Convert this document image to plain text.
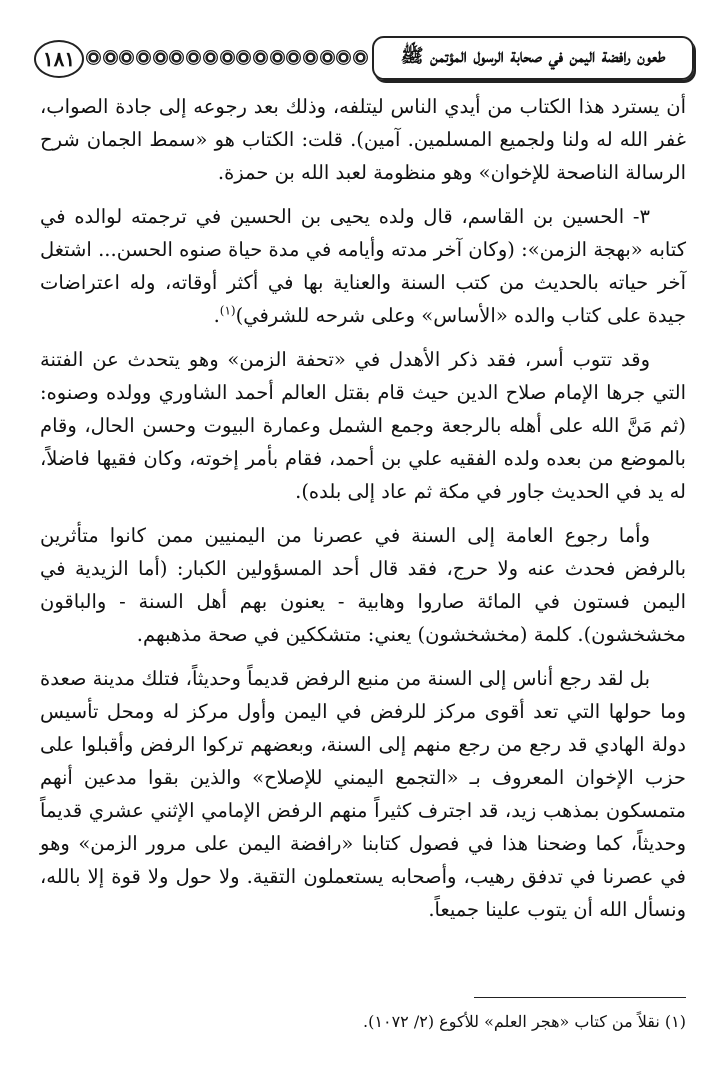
١٨١	طعون رافضة اليمن في صحابة الرسول المؤتمن ﷺ

أن يسترد هذا الكتاب من أيدي الناس ليتلفه، وذلك بعد رجوعه إلى جادة الصواب، غفر الله له ولنا ولجميع المسلمين. آمين). قلت: الكتاب هو «سمط الجمان شرح الرسالة الناصحة للإخوان» وهو منظومة لعبد الله بن حمزة.

٣- الحسين بن القاسم، قال ولده يحيى بن الحسين في ترجمته لوالده في كتابه «بهجة الزمن»: (وكان آخر مدته وأيامه في مدة حياة صنوه الحسن... اشتغل آخر حياته بالحديث من كتب السنة والعناية بها في أكثر أوقاته، وله اعتراضات جيدة على كتاب والده «الأساس» وعلى شرحه للشرفي)$^{(١)}$.

وقد تتوب أسر، فقد ذكر الأهدل في «تحفة الزمن» وهو يتحدث عن الفتنة التي جرها الإمام صلاح الدين حيث قام بقتل العالم أحمد الشاوري وولده وصنوه: (ثم مَنَّ الله على أهله بالرجعة وجمع الشمل وعمارة البيوت وحسن الحال، وقام بالموضع من بعده ولده الفقيه علي بن أحمد، فقام بأمر إخوته، وكان فقيها فاضلاً، له يد في الحديث جاور في مكة ثم عاد إلى بلده).

وأما رجوع العامة إلى السنة في عصرنا من اليمنيين ممن كانوا متأثرين بالرفض فحدث عنه ولا حرج، فقد قال أحد المسؤولين الكبار: (أما الزيدية في اليمن فستون في المائة صاروا وهابية - يعنون بهم أهل السنة - والباقون مخشخشون). كلمة (مخشخشون) يعني: متشككين في صحة مذهبهم.

بل لقد رجع أناس إلى السنة من منبع الرفض قديماً وحديثاً، فتلك مدينة صعدة وما حولها التي تعد أقوى مركز للرفض في اليمن وأول مركز له ومحل تأسيس دولة الهادي قد رجع من رجع منهم إلى السنة، وبعضهم تركوا الرفض وأقبلوا على حزب الإخوان المعروف بـ «التجمع اليمني للإصلاح» والذين بقوا مدعين أنهم متمسكون بمذهب زيد، قد اجترف كثيراً منهم الرفض الإمامي الإثني عشري قديماً وحديثاً، كما وضحنا هذا في فصول كتابنا «رافضة اليمن على مرور الزمن» وهو في عصرنا في تدفق رهيب، وأصحابه يستعملون التقية. ولا حول ولا قوة إلا بالله، ونسأل الله أن يتوب علينا جميعاً.

(١) نقلاً من كتاب «هجر العلم» للأكوع (٢/ ١٠٧٢).
